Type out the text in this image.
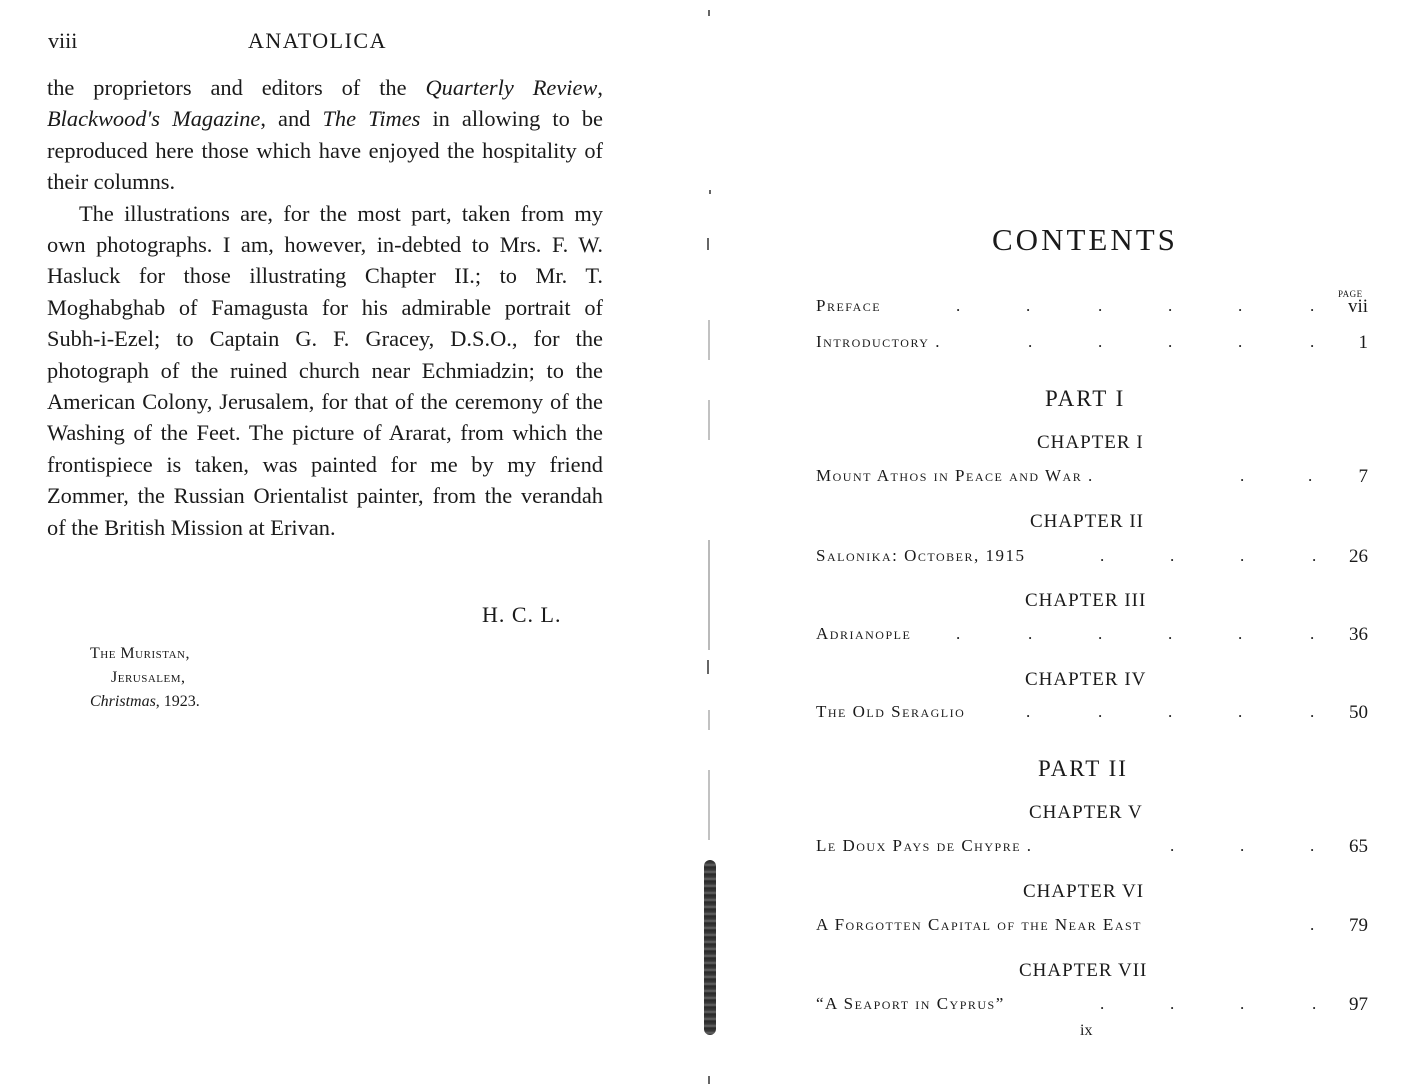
viii	ANATOLICA

the proprietors and editors of the Quarterly Review, Blackwood's Magazine, and The Times in allowing to be reproduced here those which have enjoyed the hospitality of their columns.

The illustrations are, for the most part, taken from my own photographs. I am, however, in-debted to Mrs. F. W. Hasluck for those illustrating Chapter II.; to Mr. T. Moghabghab of Famagusta for his admirable portrait of Subh-i-Ezel; to Captain G. F. Gracey, D.S.O., for the photograph of the ruined church near Echmiadzin; to the American Colony, Jerusalem, for that of the ceremony of the Washing of the Feet. The picture of Ararat, from which the frontispiece is taken, was painted for me by my friend Zommer, the Russian Orientalist painter, from the verandah of the British Mission at Erivan.

H. C. L.
The Muristan,
Jerusalem,
Christmas, 1923.
CONTENTS
PAGE
Preface	.	.	.	.	.	. vii
Introductory .	.	.	.	.	. 1
PART I
CHAPTER I
Mount Athos in Peace and War .	.	. 7
CHAPTER II
Salonika: October, 1915	.	.	.	. 26
CHAPTER III
Adrianople	.	.	.	.	.	. 36
CHAPTER IV
The Old Seraglio	.	.	.	.	. 50
PART II
CHAPTER V
Le Doux Pays de Chypre .	.	.	. 65
CHAPTER VI
A Forgotten Capital of the Near East	. 79
CHAPTER VII
“A Seaport in Cyprus”	.	.	.	. 97
ix
